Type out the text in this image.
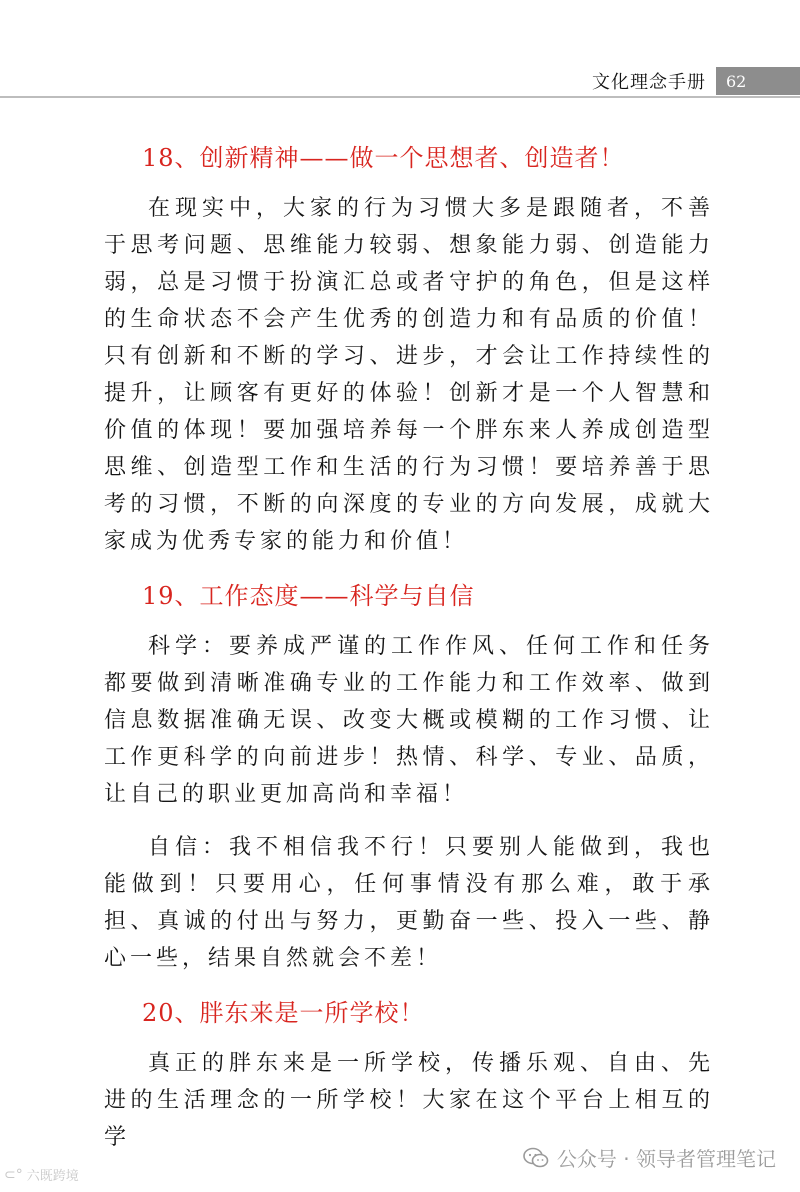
文化理念手册	62
18、创新精神——做一个思想者、创造者！

在现实中，大家的行为习惯大多是跟随者，不善于思考问题、思维能力较弱、想象能力弱、创造能力弱，总是习惯于扮演汇总或者守护的角色，但是这样的生命状态不会产生优秀的创造力和有品质的价值！只有创新和不断的学习、进步，才会让工作持续性的提升，让顾客有更好的体验！创新才是一个人智慧和价值的体现！要加强培养每一个胖东来人养成创造型思维、创造型工作和生活的行为习惯！要培养善于思考的习惯，不断的向深度的专业的方向发展，成就大家成为优秀专家的能力和价值！

19、工作态度——科学与自信

科学：要养成严谨的工作作风、任何工作和任务都要做到清晰准确专业的工作能力和工作效率、做到信息数据准确无误、改变大概或模糊的工作习惯、让工作更科学的向前进步！热情、科学、专业、品质，让自己的职业更加高尚和幸福！

自信：我不相信我不行！只要别人能做到，我也能做到！只要用心，任何事情没有那么难，敢于承担、真诚的付出与努力，更勤奋一些、投入一些、静心一些，结果自然就会不差！

20、胖东来是一所学校！

真正的胖东来是一所学校，传播乐观、自由、先进的生活理念的一所学校！大家在这个平台上相互的学

⊂° 六既跨境
公众号 · 领导者管理笔记
